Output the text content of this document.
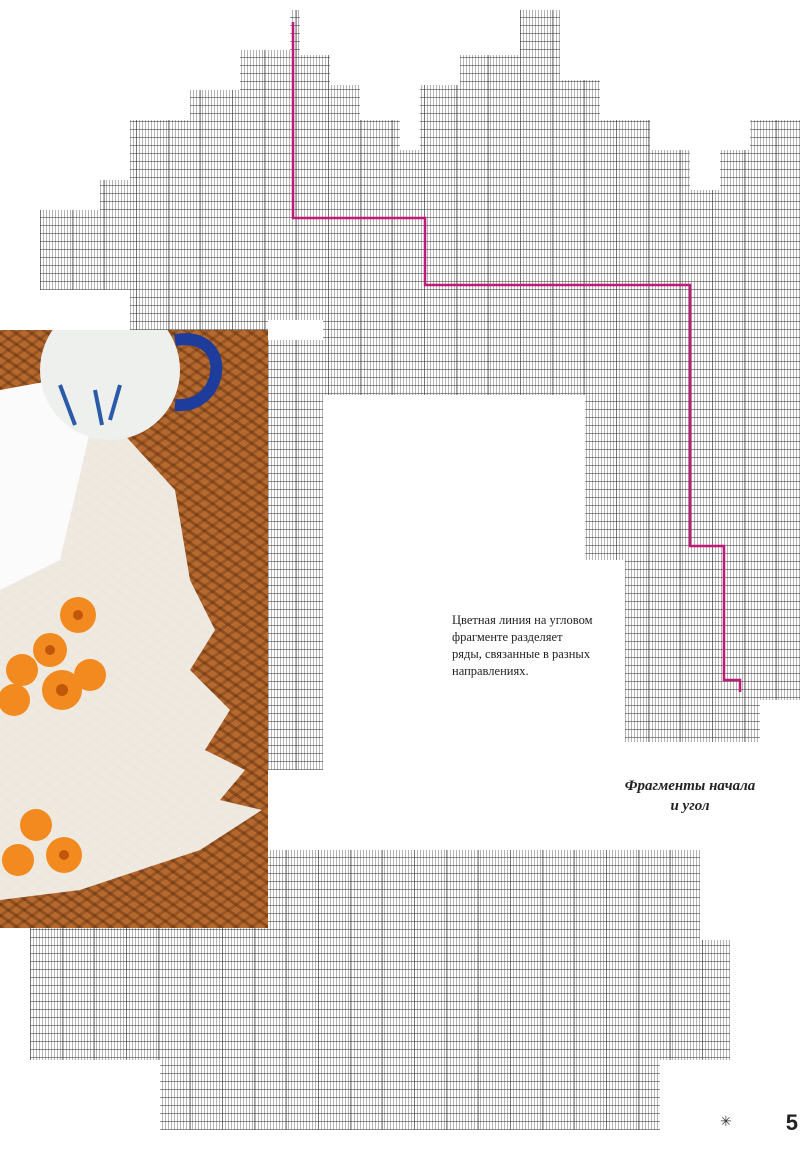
Цветная линия на угловом
фрагменте разделяет
ряды, связанные в разных
направлениях.
Фрагменты начала
и угол
✳ 5
